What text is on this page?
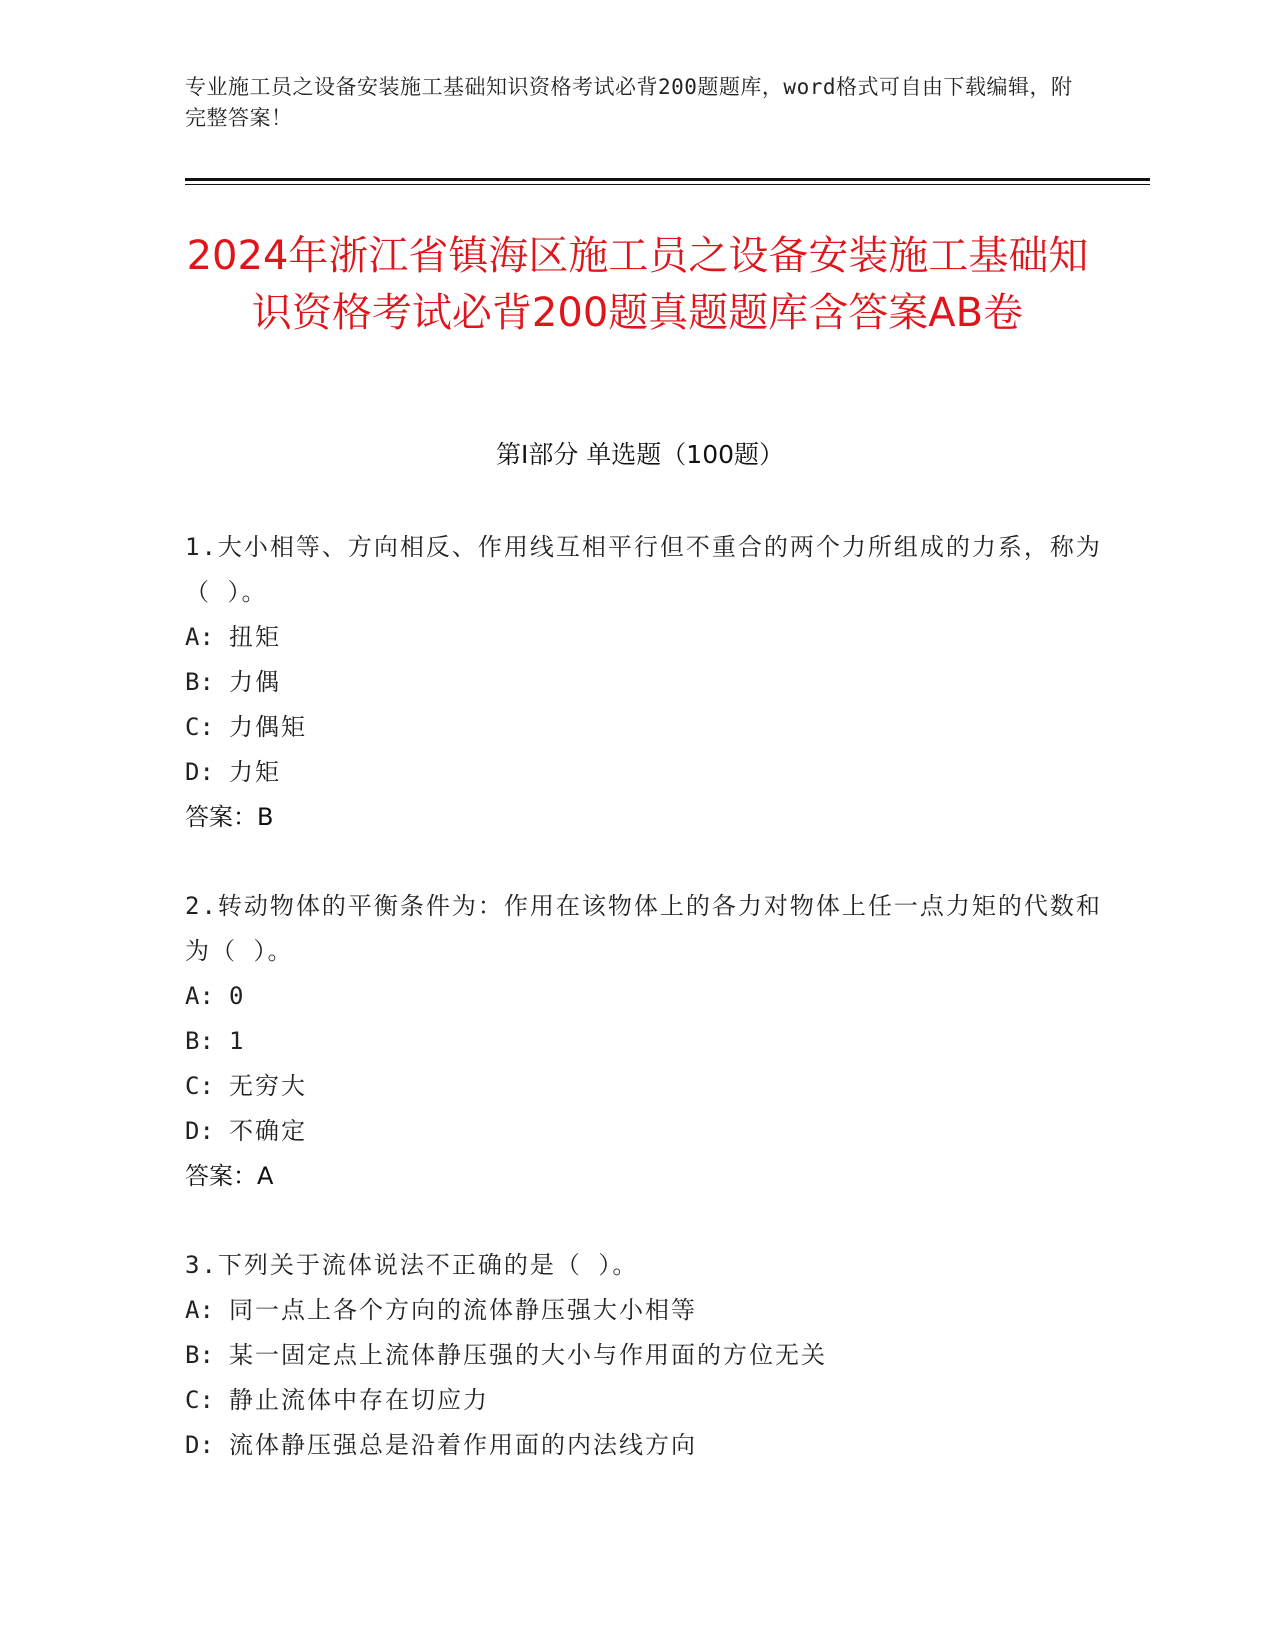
专业施工员之设备安装施工基础知识资格考试必背200题题库，word格式可自由下载编辑，附完整答案！
2024年浙江省镇海区施工员之设备安装施工基础知识资格考试必背200题真题题库含答案AB卷
第I部分 单选题（100题）
1.大小相等、方向相反、作用线互相平行但不重合的两个力所组成的力系，称为（ ）。
A: 扭矩
B: 力偶
C: 力偶矩
D: 力矩
答案：B
2.转动物体的平衡条件为：作用在该物体上的各力对物体上任一点力矩的代数和为（ ）。
A: 0
B: 1
C: 无穷大
D: 不确定
答案：A
3.下列关于流体说法不正确的是（ ）。
A: 同一点上各个方向的流体静压强大小相等
B: 某一固定点上流体静压强的大小与作用面的方位无关
C: 静止流体中存在切应力
D: 流体静压强总是沿着作用面的内法线方向
